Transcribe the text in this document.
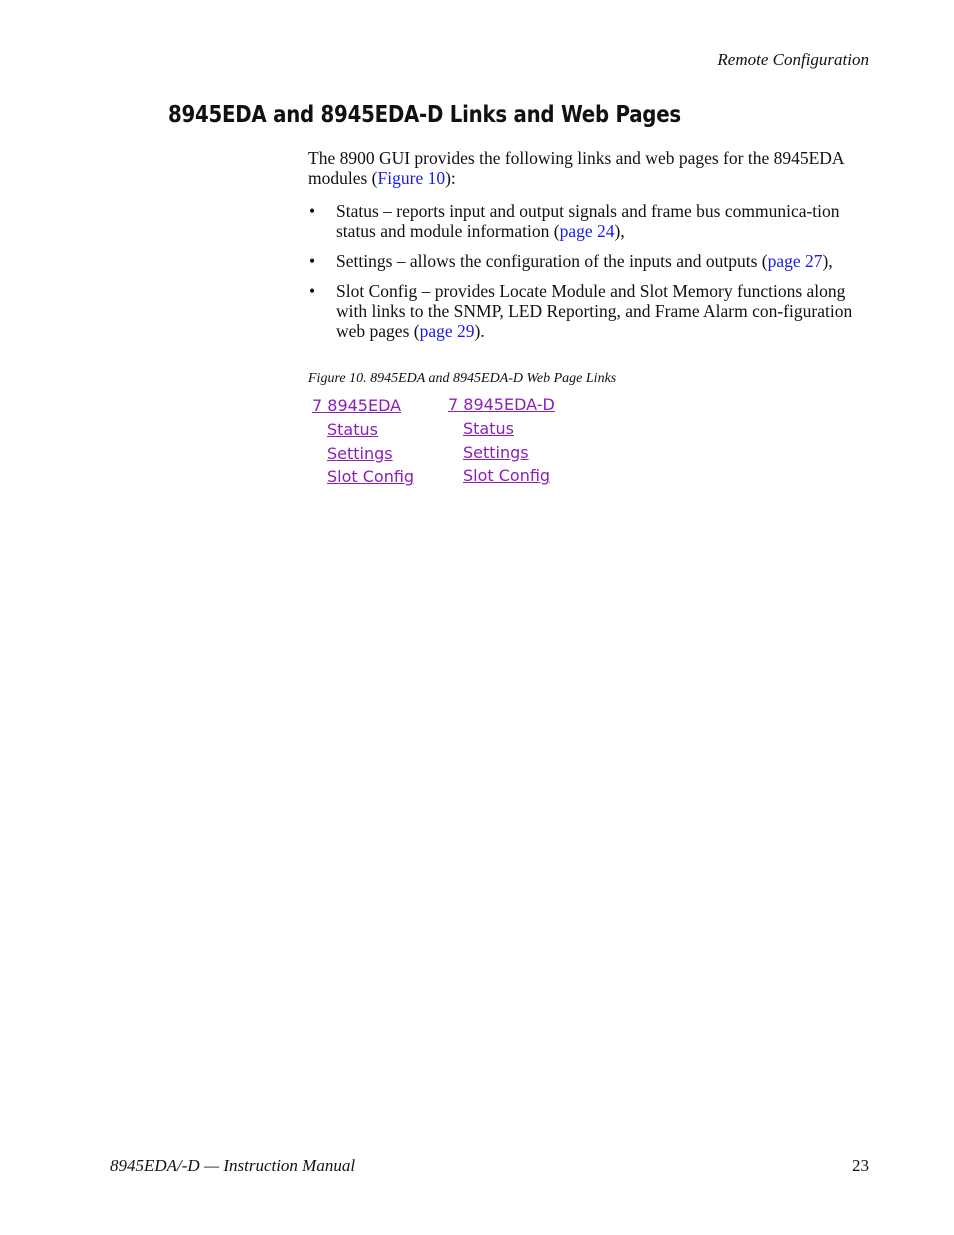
Remote Configuration
8945EDA and 8945EDA-D Links and Web Pages

The 8900 GUI provides the following links and web pages for the 8945EDA modules (Figure 10):

• Status – reports input and output signals and frame bus communica-tion status and module information (page 24),
• Settings – allows the configuration of the inputs and outputs (page 27),
• Slot Config – provides Locate Module and Slot Memory functions along with links to the SNMP, LED Reporting, and Frame Alarm con-figuration web pages (page 29).
Figure 10. 8945EDA and 8945EDA-D Web Page Links
7 8945EDA
Status
Settings
Slot Config
7 8945EDA-D
Status
Settings
Slot Config
8945EDA/-D — Instruction Manual	23
